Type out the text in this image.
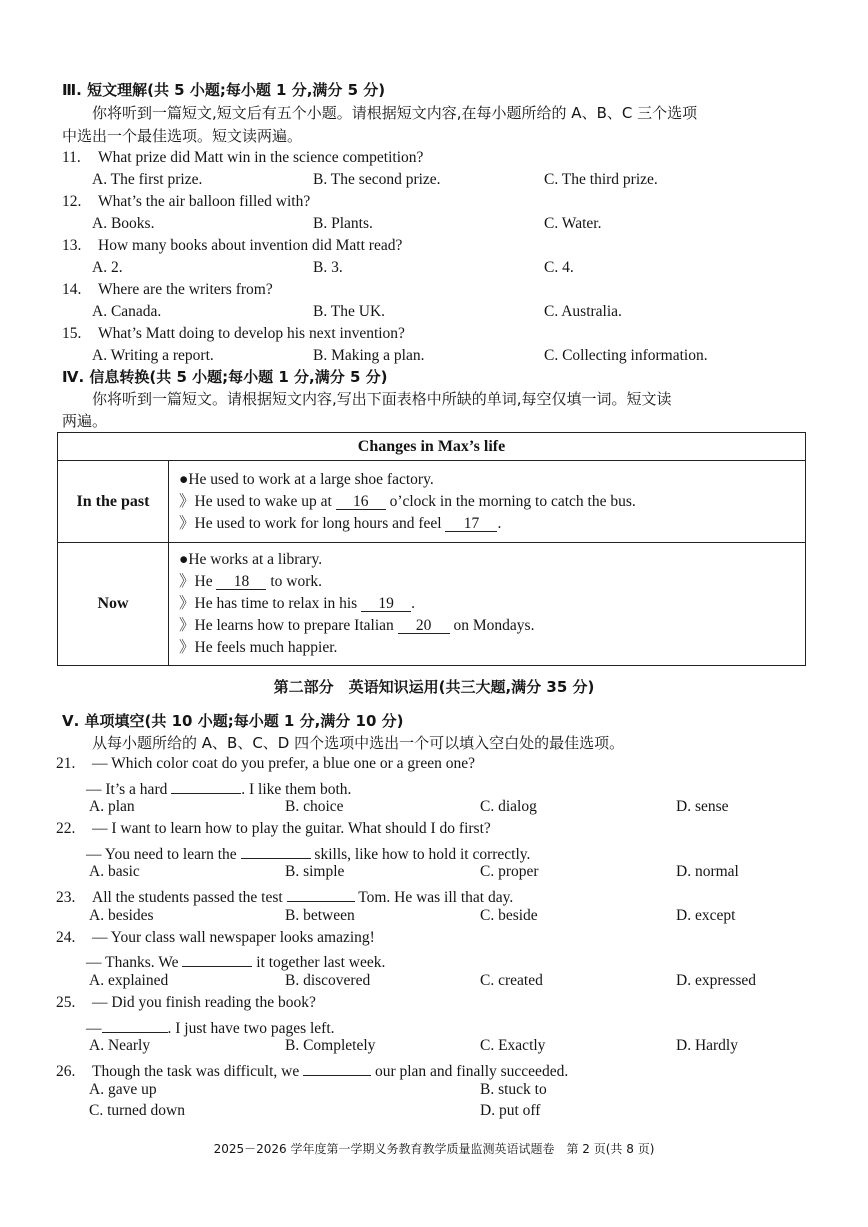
Ⅲ. 短文理解(共 5 小题;每小题 1 分,满分 5 分)
你将听到一篇短文,短文后有五个小题。请根据短文内容,在每小题所给的 A、B、C 三个选项
中选出一个最佳选项。短文读两遍。
11. What prize did Matt win in the science competition?
A. The first prize.	B. The second prize.	C. The third prize.
12. What’s the air balloon filled with?
A. Books.	B. Plants.	C. Water.
13. How many books about invention did Matt read?
A. 2.	B. 3.	C. 4.
14. Where are the writers from?
A. Canada.	B. The UK.	C. Australia.
15. What’s Matt doing to develop his next invention?
A. Writing a report.	B. Making a plan.	C. Collecting information.
Ⅳ. 信息转换(共 5 小题;每小题 1 分,满分 5 分)
你将听到一篇短文。请根据短文内容,写出下面表格中所缺的单词,每空仅填一词。短文读
两遍。
Changes in Max’s life	
In the past	●He used to work at a large shoe factory.
》He used to wake up at 16 o’clock in the morning to catch the bus.
》He used to work for long hours and feel 17 .

Now	●He works at a library.
》He 18 to work.
》He has time to relax in his 19 .
》He learns how to prepare Italian 20 on Mondays.
》He feels much happier.
第二部分　英语知识运用(共三大题,满分 35 分)
Ⅴ. 单项填空(共 10 小题;每小题 1 分,满分 10 分)
从每小题所给的 A、B、C、D 四个选项中选出一个可以填入空白处的最佳选项。
21. — Which color coat do you prefer, a blue one or a green one?
— It’s a hard	. I like them both.
A. plan	B. choice	C. dialog	D. sense
22. — I want to learn how to play the guitar. What should I do first?
— You need to learn the	skills, like how to hold it correctly.
A. basic	B. simple	C. proper	D. normal
23. All the students passed the test	Tom. He was ill that day.
A. besides	B. between	C. beside	D. except
24. — Your class wall newspaper looks amazing!
— Thanks. We	it together last week.
A. explained	B. discovered	C. created	D. expressed
25. — Did you finish reading the book?
—	. I just have two pages left.
A. Nearly	B. Completely	C. Exactly	D. Hardly
26. Though the task was difficult, we	our plan and finally succeeded.
A. gave up	B. stuck to
C. turned down	D. put off
2025－2026 学年度第一学期义务教育教学质量监测英语试题卷　第 2 页(共 8 页)
